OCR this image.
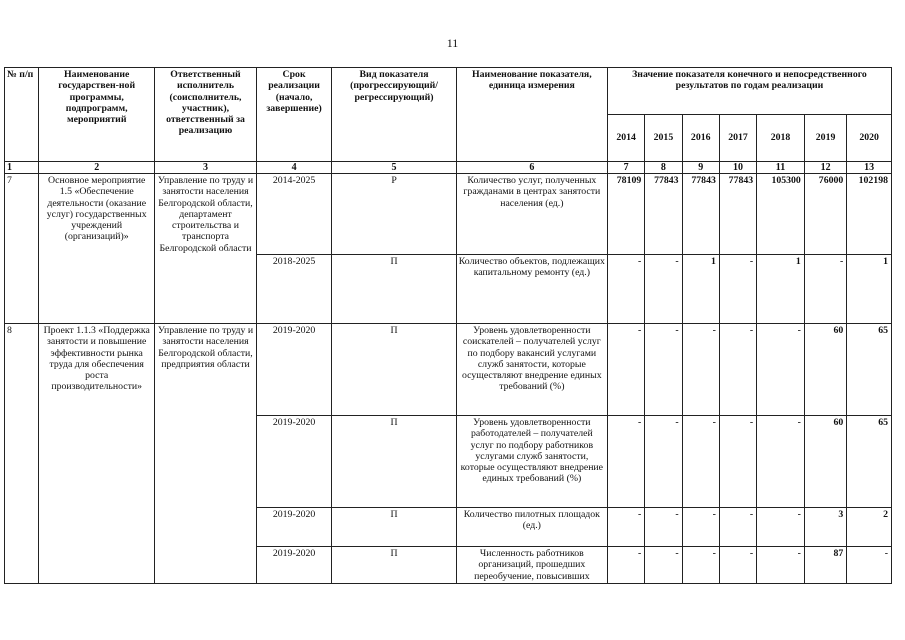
11
№ п/п	Наименование государствен-ной программы, подпрограмм, мероприятий	Ответственный исполнитель (соисполнитель, участник), ответственный за реализацию	Срок реализации (начало, завершение)	Вид показателя (прогрессирующий/ регрессирующий)	Наименование показателя, единица измерения	Значение показателя конечного и непосредственного результатов по годам реализации						
						2014	2015	2016	2017	2018	2019	2020
1	2	3	4	5	6	7	8	9	10	11	12	13
7	Основное мероприятие 1.5 «Обеспечение деятельности (оказание услуг) государственных учреждений (организаций)»	Управление по труду и занятости населения Белгородской области, департамент строительства и транспорта Белгородской области	2014-2025	Р	Количество услуг, полученных гражданами в центрах занятости населения (ед.)	78109	77843	77843	77843	105300	76000	102198
			2018-2025	П	Количество объектов, подлежащих капитальному ремонту (ед.)	-	-	1	-	1	-	1
8	Проект 1.1.3 «Поддержка занятости и повышение эффективности рынка труда для обеспечения роста производительности»	Управление по труду и занятости населения Белгородской области, предприятия области	2019-2020	П	Уровень удовлетворенности соискателей – получателей услуг по подбору вакансий услугами служб занятости, которые осуществляют внедрение единых требований (%)	-	-	-	-	-	60	65
			2019-2020	П	Уровень удовлетворенности работодателей – получателей услуг по подбору работников услугами служб занятости, которые осуществляют внедрение единых требований (%)	-	-	-	-	-	60	65
			2019-2020	П	Количество пилотных площадок (ед.)	-	-	-	-	-	3	2
			2019-2020	П	Численность работников организаций, прошедших переобучение, повысивших	-	-	-	-	-	87	-
